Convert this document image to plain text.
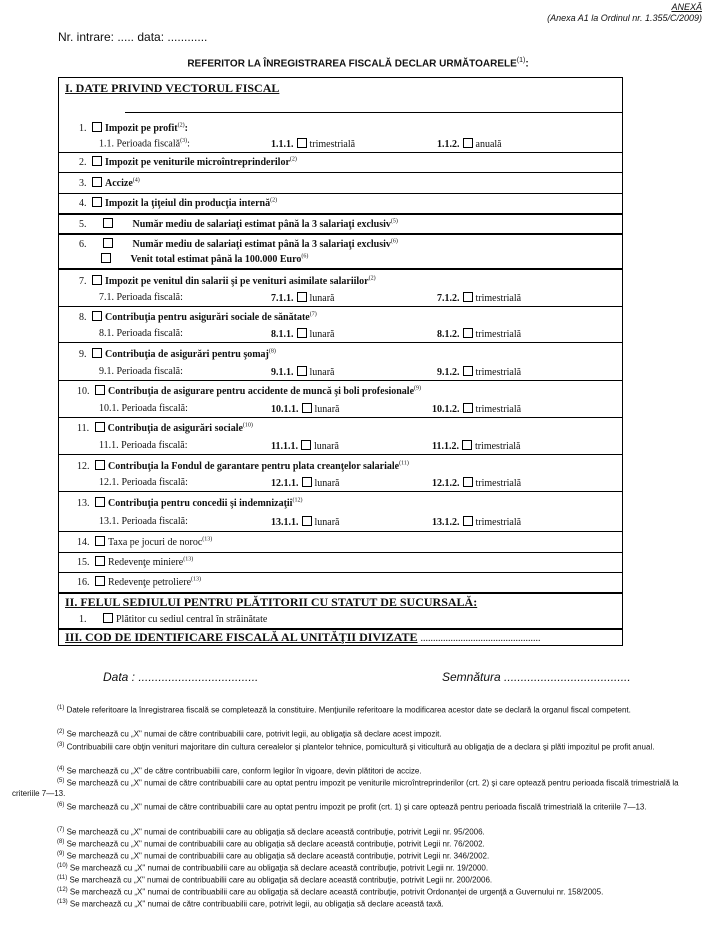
ANEXĂ
(Anexa A1 la Ordinul nr. 1.355/C/2009)
Nr. intrare: ..... data: ............
REFERITOR LA ÎNREGISTRAREA FISCALĂ DECLAR URMĂTOARELE$^{(1)}$:
I. DATE PRIVIND VECTORUL FISCAL
1. Impozit pe profit$^{(2)}$:
1.1. Perioada fiscală$^{(3)}$:	1.1.1. trimestrială	1.1.2. anuală
2. Impozit pe veniturile microîntreprinderilor$^{(2)}$
3. Accize$^{(4)}$
4. Impozit la ţiţeiul din producţia internă$^{(2)}$
5.	Număr mediu de salariaţi estimat până la 3 salariaţi exclusiv$^{(5)}$
6.	Număr mediu de salariaţi estimat până la 3 salariaţi exclusiv$^{(6)}$
Venit total estimat până la 100.000 Euro$^{(6)}$
7. Impozit pe venitul din salarii şi pe venituri asimilate salariilor$^{(2)}$
7.1. Perioada fiscală:	7.1.1. lunară	7.1.2. trimestrială
8. Contribuţia pentru asigurări sociale de sănătate$^{(7)}$
8.1. Perioada fiscală:	8.1.1. lunară	8.1.2. trimestrială
9. Contribuţia de asigurări pentru şomaj$^{(8)}$
9.1. Perioada fiscală:	9.1.1. lunară	9.1.2. trimestrială
10. Contribuţia de asigurare pentru accidente de muncă şi boli profesionale$^{(9)}$
10.1. Perioada fiscală:	10.1.1. lunară	10.1.2. trimestrială
11. Contribuţia de asigurări sociale$^{(10)}$
11.1. Perioada fiscală:	11.1.1. lunară	11.1.2. trimestrială
12. Contribuţia la Fondul de garantare pentru plata creanţelor salariale$^{(11)}$
12.1. Perioada fiscală:	12.1.1. lunară	12.1.2. trimestrială
13. Contribuţia pentru concedii şi indemnizaţii$^{(12)}$
13.1. Perioada fiscală:	13.1.1. lunară	13.1.2. trimestrială
14. Taxa pe jocuri de noroc$^{(13)}$
15. Redevenţe miniere$^{(13)}$
16. Redevenţe petroliere$^{(13)}$
II. FELUL SEDIULUI PENTRU PLĂTITORII CU STATUT DE SUCURSALĂ:
1.	Plătitor cu sediul central în străinătate
III. COD DE IDENTIFICARE FISCALĂ AL UNITĂŢII DIVIZATE ................................................
Data : ....................................	Semnătura ......................................
$^{(1)}$ Datele referitoare la înregistrarea fiscală se completează la constituire. Menţiunile referitoare la modificarea acestor date se declară la organul fiscal competent.
$^{(2)}$ Se marchează cu „X" numai de către contribuabilii care, potrivit legii, au obligaţia să declare acest impozit.
$^{(3)}$ Contribuabilii care obţin venituri majoritare din cultura cerealelor şi plantelor tehnice, pomicultură şi viticultură au obligaţia de a declara şi plăti impozitul pe profit anual.
$^{(4)}$ Se marchează cu „X" de către contribuabilii care, conform legilor în vigoare, devin plătitori de accize.
$^{(5)}$ Se marchează cu „X" numai de către contribuabilii care au optat pentru impozit pe veniturile microîntreprinderilor (crt. 2) şi care optează pentru perioada fiscală trimestrială la criteriile 7—13.
$^{(6)}$ Se marchează cu „X" numai de către contribuabilii care au optat pentru impozit pe profit (crt. 1) şi care optează pentru perioada fiscală trimestrială la criteriile 7—13.
$^{(7)}$ Se marchează cu „X" numai de contribuabilii care au obligaţia să declare această contribuţie, potrivit Legii nr. 95/2006.
$^{(8)}$ Se marchează cu „X" numai de contribuabilii care au obligaţia să declare această contribuţie, potrivit Legii nr. 76/2002.
$^{(9)}$ Se marchează cu „X" numai de contribuabilii care au obligaţia să declare această contribuţie, potrivit Legii nr. 346/2002.
$^{(10)}$ Se marchează cu „X" numai de contribuabilii care au obligaţia să declare această contribuţie, potrivit Legii nr. 19/2000.
$^{(11)}$ Se marchează cu „X" numai de contribuabilii care au obligaţia să declare această contribuţie, potrivit Legii nr. 200/2006.
$^{(12)}$ Se marchează cu „X" numai de contribuabilii care au obligaţia să declare această contribuţie, potrivit Ordonanţei de urgenţă a Guvernului nr. 158/2005.
$^{(13)}$ Se marchează cu „X" numai de către contribuabilii care, potrivit legii, au obligaţia să declare această taxă.
